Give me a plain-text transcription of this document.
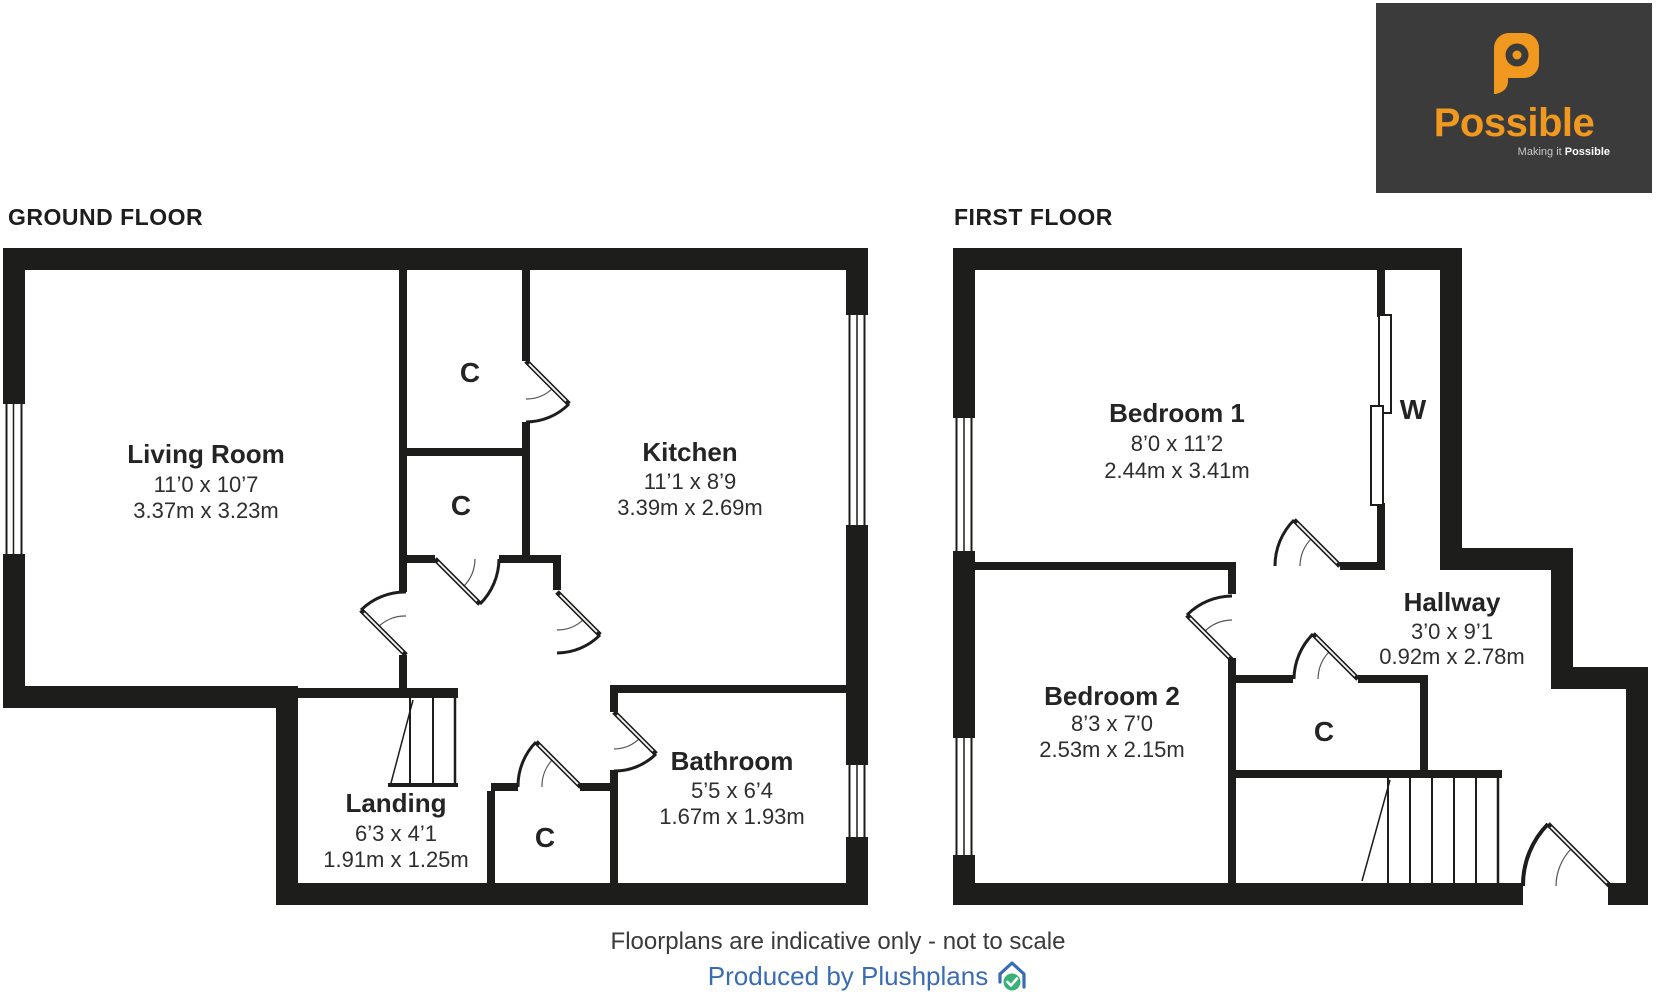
GROUND FLOOR	FIRST FLOOR
Living Room
11’0 x 10’7
3.37m x 3.23m
Kitchen
11’1 x 8’9
3.39m x 2.69m
Landing
6’3 x 4’1
1.91m x 1.25m
Bathroom
5’5 x 6’4
1.67m x 1.93m
C
C
C
Bedroom 1
8’0 x 11’2
2.44m x 3.41m
Bedroom 2
8’3 x 7’0
2.53m x 2.15m
Hallway
3’0 x 9’1
0.92m x 2.78m
C
W
Possible
Making it Possible
Floorplans are indicative only - not to scale
Produced by Plushplans
